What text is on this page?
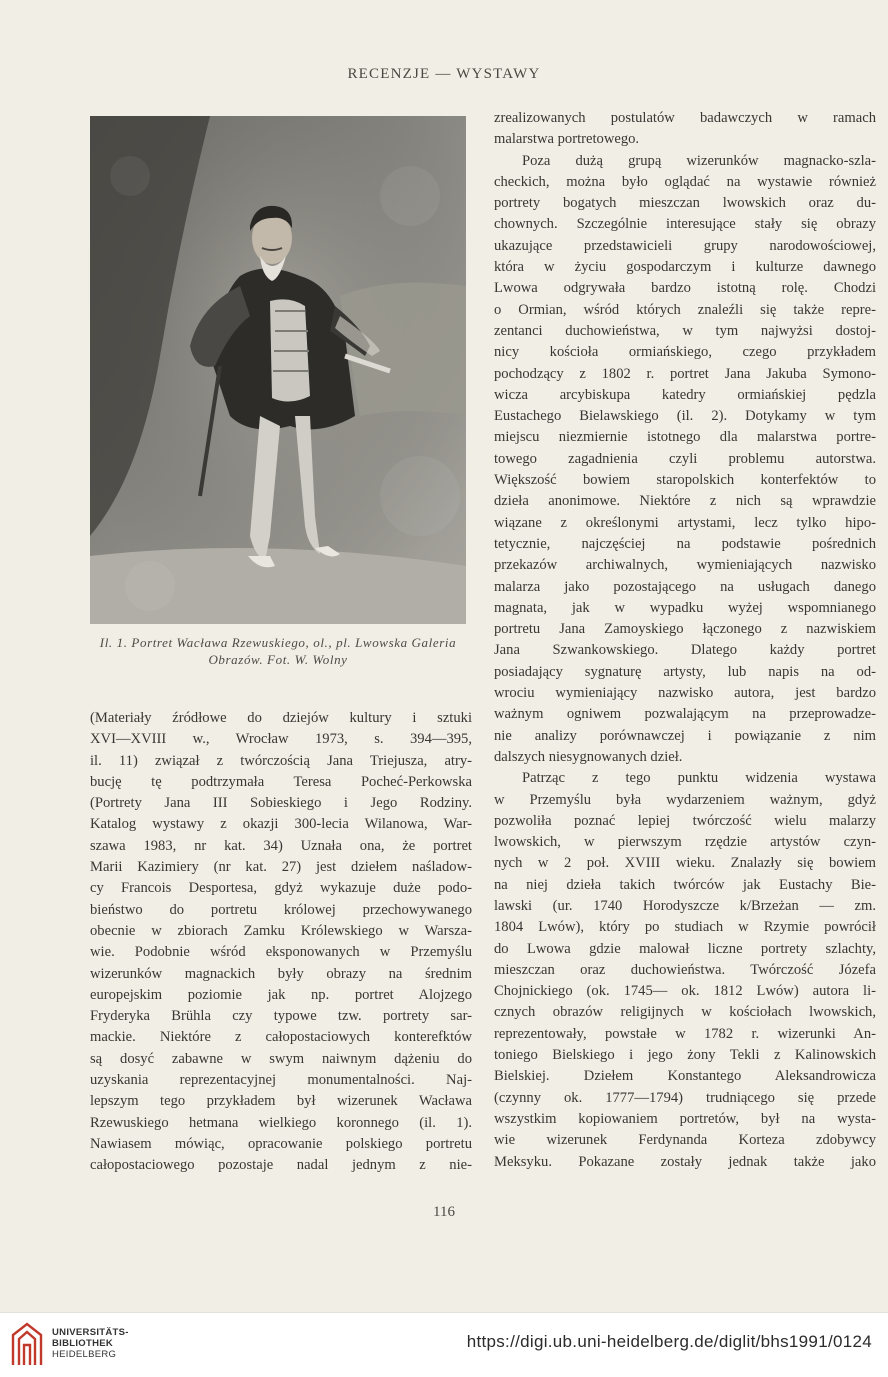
RECENZJE — WYSTAWY
Il. 1. Portret Wacława Rzewuskiego, ol., pl. Lwowska Galeria
Obrazów. Fot. W. Wolny
(Materiały źródłowe do dziejów kultury i sztuki
XVI—XVIII w., Wrocław 1973, s. 394—395,
il. 11) związał z twórczością Jana Triejusza, atry-
bucję tę podtrzymała Teresa Pocheć-Perkowska
(Portrety Jana III Sobieskiego i Jego Rodziny.
Katalog wystawy z okazji 300-lecia Wilanowa, War-
szawa 1983, nr kat. 34) Uznała ona, że portret
Marii Kazimiery (nr kat. 27) jest dziełem naśladow-
cy Francois Desportesa, gdyż wykazuje duże podo-
bieństwo do portretu królowej przechowywanego
obecnie w zbiorach Zamku Królewskiego w Warsza-
wie. Podobnie wśród eksponowanych w Przemyślu
wizerunków magnackich były obrazy na średnim
europejskim poziomie jak np. portret Alojzego
Fryderyka Brühla czy typowe tzw. portrety sar-
mackie. Niektóre z całopostaciowych konterefktów
są dosyć zabawne w swym naiwnym dążeniu do
uzyskania reprezentacyjnej monumentalności. Naj-
lepszym tego przykładem był wizerunek Wacława
Rzewuskiego hetmana wielkiego koronnego (il. 1).
Nawiasem mówiąc, opracowanie polskiego portretu
całopostaciowego pozostaje nadal jednym z nie-
zrealizowanych postulatów badawczych w ramach
malarstwa portretowego.
Poza dużą grupą wizerunków magnacko-szla-
checkich, można było oglądać na wystawie również
portrety bogatych mieszczan lwowskich oraz du-
chownych. Szczególnie interesujące stały się obrazy
ukazujące przedstawicieli grupy narodowościowej,
która w życiu gospodarczym i kulturze dawnego
Lwowa odgrywała bardzo istotną rolę. Chodzi
o Ormian, wśród których znaleźli się także repre-
zentanci duchowieństwa, w tym najwyżsi dostoj-
nicy kościoła ormiańskiego, czego przykładem
pochodzący z 1802 r. portret Jana Jakuba Symono-
wicza arcybiskupa katedry ormiańskiej pędzla
Eustachego Bielawskiego (il. 2). Dotykamy w tym
miejscu niezmiernie istotnego dla malarstwa portre-
towego zagadnienia czyli problemu autorstwa.
Większość bowiem staropolskich konterfektów to
dzieła anonimowe. Niektóre z nich są wprawdzie
wiązane z określonymi artystami, lecz tylko hipo-
tetycznie, najczęściej na podstawie pośrednich
przekazów archiwalnych, wymieniających nazwisko
malarza jako pozostającego na usługach danego
magnata, jak w wypadku wyżej wspomnianego
portretu Jana Zamoyskiego łączonego z nazwiskiem
Jana Szwankowskiego. Dlatego każdy portret
posiadający sygnaturę artysty, lub napis na od-
wrociu wymieniający nazwisko autora, jest bardzo
ważnym ogniwem pozwalającym na przeprowadze-
nie analizy porównawczej i powiązanie z nim
dalszych niesygnowanych dzieł.
Patrząc z tego punktu widzenia wystawa
w Przemyślu była wydarzeniem ważnym, gdyż
pozwoliła poznać lepiej twórczość wielu malarzy
lwowskich, w pierwszym rzędzie artystów czyn-
nych w 2 poł. XVIII wieku. Znalazły się bowiem
na niej dzieła takich twórców jak Eustachy Bie-
lawski (ur. 1740 Horodyszcze k/Brzeżan — zm.
1804 Lwów), który po studiach w Rzymie powrócił
do Lwowa gdzie malował liczne portrety szlachty,
mieszczan oraz duchowieństwa. Twórczość Józefa
Chojnickiego (ok. 1745— ok. 1812 Lwów) autora li-
cznych obrazów religijnych w kościołach lwowskich,
reprezentowały, powstałe w 1782 r. wizerunki An-
toniego Bielskiego i jego żony Tekli z Kalinowskich
Bielskiej. Dziełem Konstantego Aleksandrowicza
(czynny ok. 1777—1794) trudniącego się przede
wszystkim kopiowaniem portretów, był na wysta-
wie wizerunek Ferdynanda Korteza zdobywcy
Meksyku. Pokazane zostały jednak także jako
116
UNIVERSITÄTS-
BIBLIOTHEK
HEIDELBERG
https://digi.ub.uni-heidelberg.de/diglit/bhs1991/0124
